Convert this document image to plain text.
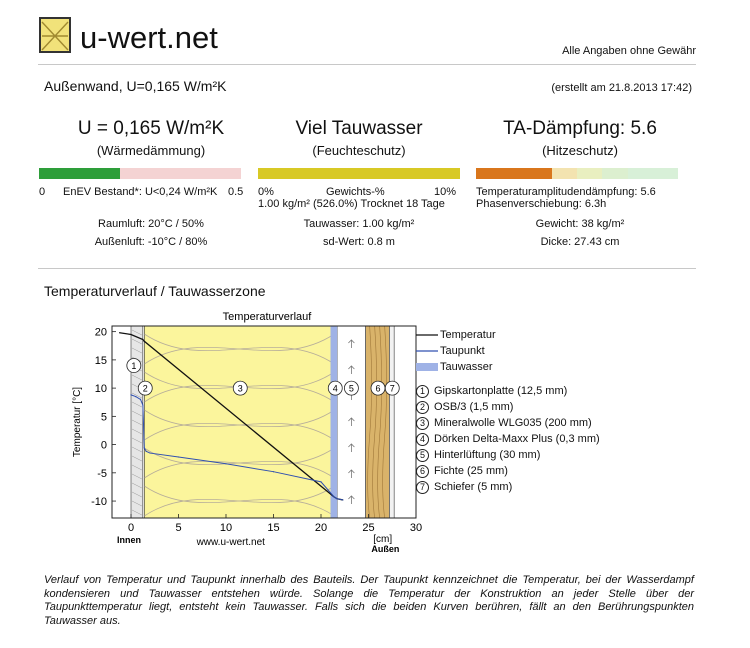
u-wert.net	Alle Angaben ohne Gewähr
Außenwand, U=0,165 W/m²K	(erstellt am 21.8.2013 17:42)
U = 0,165 W/m²K
(Wärmedämmung)
0 EnEV Bestand*: U<0,24 W/m²K 0.5
Raumluft: 20°C / 50%
Außenluft: -10°C / 80%
Viel Tauwasser
(Feuchteschutz)
0%	Gewichts-%	10%
1.00 kg/m² (526.0%) Trocknet 18 Tage
Tauwasser: 1.00 kg/m²
sd-Wert: 0.8 m
TA-Dämpfung: 5.6
(Hitzeschutz)
Temperaturamplitudendämpfung: 5.6
Phasenverschiebung: 6.3h
Gewicht: 38 kg/m²
Dicke: 27.43 cm
Temperaturverlauf / Tauwasserzone
Temperaturverlauf
0	5	10	15	20	25	30
-10
-5
0
5
10
15
20
Temperatur [°C]
[cm]
Innen
Außen
www.u-wert.net
1
2	3	4 5 6 7
Temperatur
Taupunkt
Tauwasser
1 Gipskartonplatte (12,5 mm)
2 OSB/3 (1,5 mm)
3 Mineralwolle WLG035 (200 mm)
4 Dörken Delta-Maxx Plus (0,3 mm)
5 Hinterlüftung (30 mm)
6 Fichte (25 mm)
7 Schiefer (5 mm)
Verlauf von Temperatur und Taupunkt innerhalb des Bauteils. Der Taupunkt kennzeichnet die Temperatur, bei der Wasserdampf kondensieren und Tauwasser entstehen würde. Solange die Temperatur der Konstruktion an jeder Stelle über der Taupunkttemperatur liegt, entsteht kein Tauwasser. Falls sich die beiden Kurven berühren, fällt an den Berührungspunkten Tauwasser aus.
